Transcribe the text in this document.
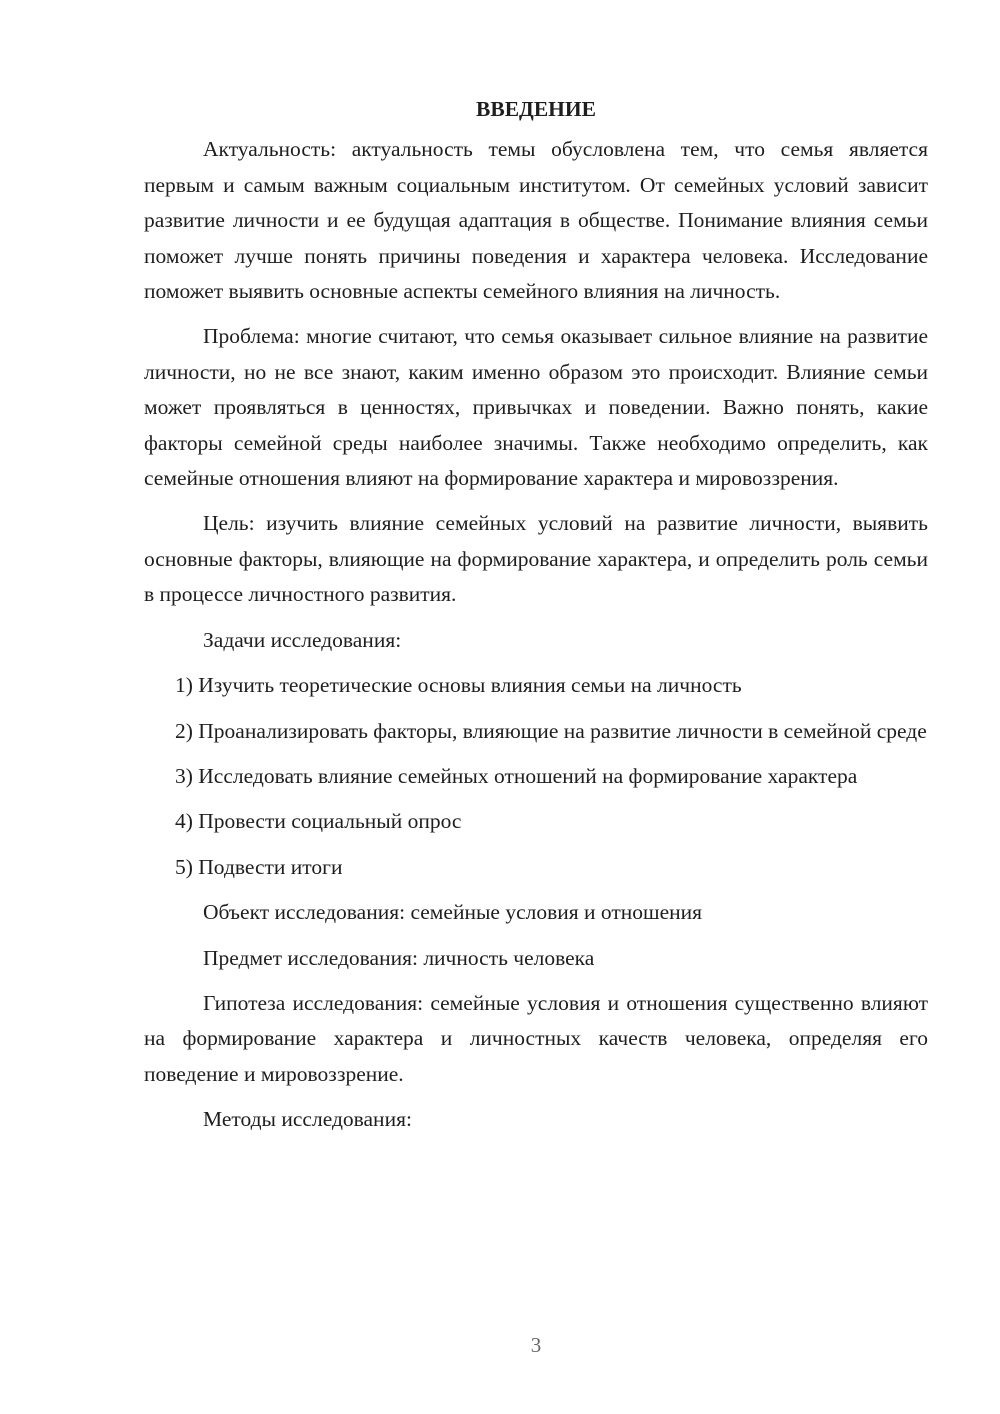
ВВЕДЕНИЕ

Актуальность: актуальность темы обусловлена тем, что семья является первым и самым важным социальным институтом. От семейных условий зависит развитие личности и ее будущая адаптация в обществе. Понимание влияния семьи поможет лучше понять причины поведения и характера человека. Исследование поможет выявить основные аспекты семейного влияния на личность.

Проблема: многие считают, что семья оказывает сильное влияние на развитие личности, но не все знают, каким именно образом это происходит. Влияние семьи может проявляться в ценностях, привычках и поведении. Важно понять, какие факторы семейной среды наиболее значимы. Также необходимо определить, как семейные отношения влияют на формирование характера и мировоззрения.

Цель: изучить влияние семейных условий на развитие личности, выявить основные факторы, влияющие на формирование характера, и определить роль семьи в процессе личностного развития.

Задачи исследования:

1) Изучить теоретические основы влияния семьи на личность

2) Проанализировать факторы, влияющие на развитие личности в семейной среде

3) Исследовать влияние семейных отношений на формирование характера

4) Провести социальный опрос

5) Подвести итоги

Объект исследования: семейные условия и отношения

Предмет исследования: личность человека

Гипотеза исследования: семейные условия и отношения существенно влияют на формирование характера и личностных качеств человека, определяя его поведение и мировоззрение.

Методы исследования:

3
